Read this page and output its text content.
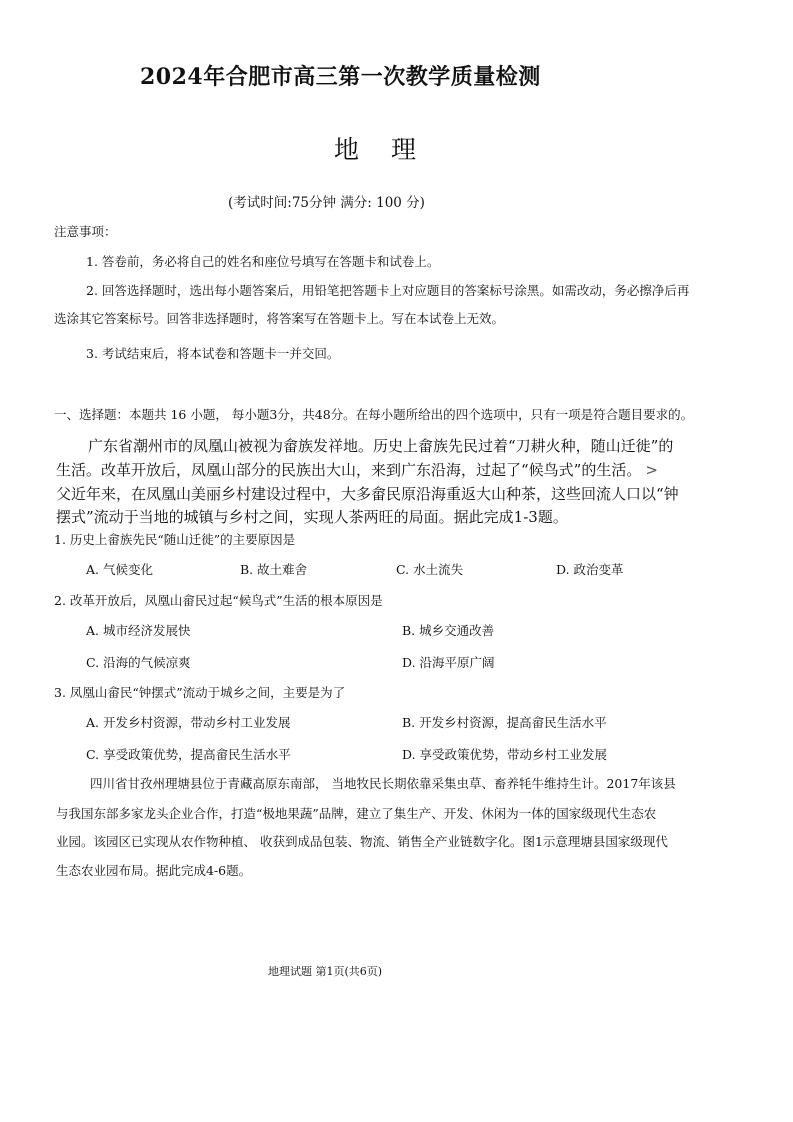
2024年合肥市高三第一次教学质量检测
地 理
(考试时间:75分钟 满分: 100 分)
注意事项：
1. 答卷前，务必将自己的姓名和座位号填写在答题卡和试卷上。
2. 回答选择题时，选出每小题答案后，用铅笔把答题卡上对应题目的答案标号涂黑。如需改动，务必擦净后再
选涂其它答案标号。回答非选择题时，将答案写在答题卡上。写在本试卷上无效。
3. 考试结束后，将本试卷和答题卡一并交回。
一、选择题：本题共 16 小题， 每小题3分，共48分。在每小题所给出的四个选项中，只有一项是符合题目要求的。
广东省潮州市的凤凰山被视为畲族发祥地。历史上畲族先民过着“刀耕火种，随山迁徙”的
生活。改革开放后，凤凰山部分的民族出大山，来到广东沿海，过起了“候鸟式”的生活。 >
父近年来，在凤凰山美丽乡村建设过程中，大多畲民原沿海重返大山种茶，这些回流人口以“钟
摆式”流动于当地的城镇与乡村之间，实现人茶两旺的局面。据此完成1-3题。
1. 历史上畲族先民“随山迁徙”的主要原因是
A. 气候变化	B. 故土难舍	C. 水土流失	D. 政治变革
2. 改革开放后，凤凰山畲民过起“候鸟式”生活的根本原因是
A. 城市经济发展快	B. 城乡交通改善
C. 沿海的气候凉爽	D. 沿海平原广阔
3. 凤凰山畲民“钟摆式”流动于城乡之间，主要是为了
A. 开发乡村资源，带动乡村工业发展	B. 开发乡村资源，提高畲民生活水平
C. 享受政策优势，提高畲民生活水平	D. 享受政策优势，带动乡村工业发展
四川省甘孜州理塘县位于青藏高原东南部， 当地牧民长期依靠采集虫草、畜养牦牛维持生计。2017年该县
与我国东部多家龙头企业合作，打造“极地果蔬”品牌，建立了集生产、开发、休闲为一体的国家级现代生态农
业园。该园区已实现从农作物种植、 收获到成品包装、物流、销售全产业链数字化。图1示意理塘县国家级现代
生态农业园布局。据此完成4-6题。
地理试题 第1页(共6页)
